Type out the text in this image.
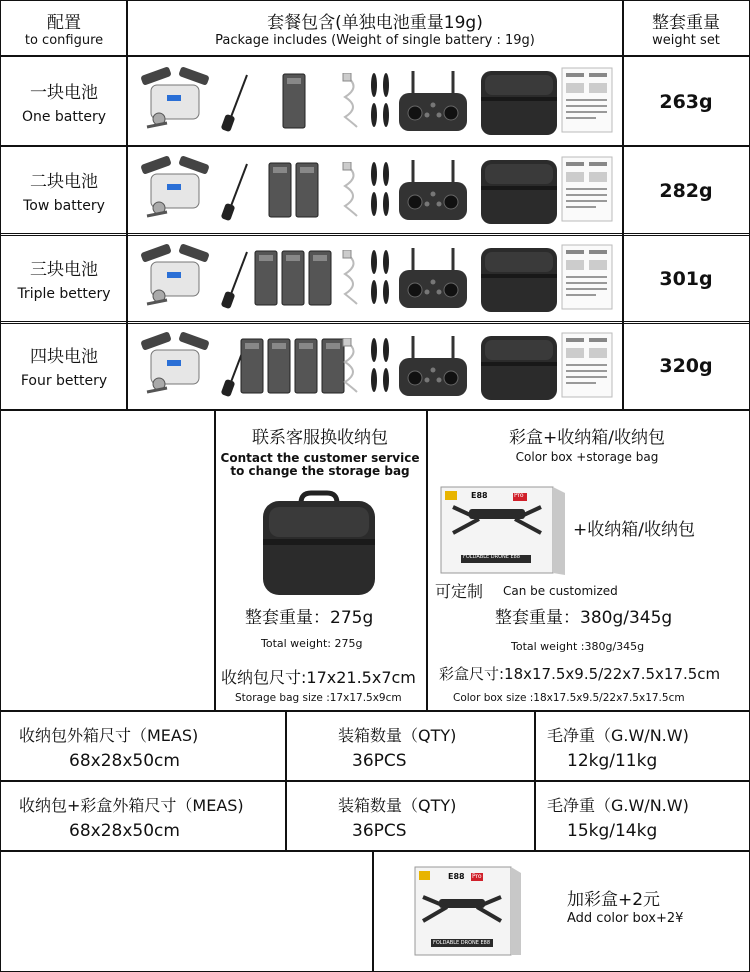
配置
to configure
套餐包含(单独电池重量19g)
Package includes (Weight of single battery : 19g)
整套重量
weight set
一块电池
One battery
263g
二块电池
Tow battery
282g
三块电池
Triple bettery
301g
四块电池
Four bettery
320g
联系客服换收纳包
Contact the customer service
to change the storage bag
整套重量：275g
Total weight: 275g
收纳包尺寸:17x21.5x7cm
Storage bag size :17x17.5x9cm
彩盒+收纳箱/收纳包
Color box +storage bag
E88	Pro
FOLDABLE DRONE E88
+收纳箱/收纳包
可定制 Can be customized
整套重量：380g/345g
Total weight :380g/345g
彩盒尺寸:18x17.5x9.5/22x7.5x17.5cm
Color box size :18x17.5x9.5/22x7.5x17.5cm
收纳包外箱尺寸（MEAS)
68x28x50cm
装箱数量（QTY)
36PCS
毛净重（G.W/N.W)
12kg/11kg
收纳包+彩盒外箱尺寸（MEAS)
68x28x50cm
装箱数量（QTY)
36PCS
毛净重（G.W/N.W)
15kg/14kg
E88 Pro
FOLDABLE DRONE E88
加彩盒+2元
Add color box+2¥
